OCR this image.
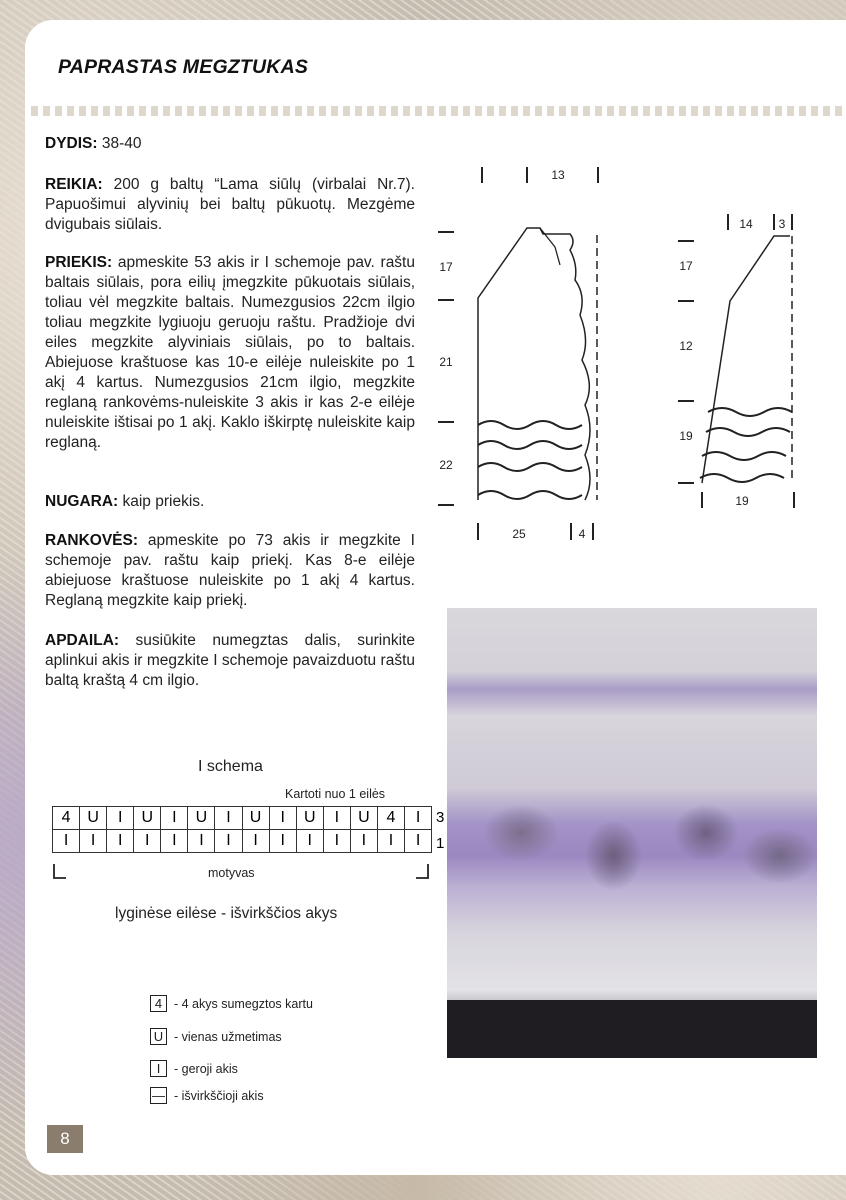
PAPRASTAS MEGZTUKAS
DYDIS: 38-40
REIKIA: 200 g baltų “Lama siūlų (virbalai Nr.7). Papuošimui alyvinių bei baltų pūkuotų. Mezgėme dvigubais siūlais.
PRIEKIS: apmeskite 53 akis ir I schemoje pav. raštu baltais siūlais, pora eilių įmegzkite pūkuotais siūlais, toliau vėl megzkite baltais. Numezgusios 22cm ilgio toliau megzkite lygiuoju geruoju raštu. Pradžioje dvi eiles megzkite alyviniais siūlais, po to baltais. Abiejuose kraštuose kas 10-e eilėje nuleiskite po 1 akį 4 kartus. Numezgusios 21cm ilgio, megzkite reglaną rankovėms-nuleiskite 3 akis ir kas 2-e eilėje nuleiskite ištisai po 1 akį. Kaklo iškirptę nuleiskite kaip reglaną.
NUGARA: kaip priekis.
RANKOVĖS: apmeskite po 73 akis ir megzkite I schemoje pav. raštu kaip priekį. Kas 8-e eilėje abiejuose kraštuose nuleiskite po 1 akį 4 kartus. Reglaną megzkite kaip priekį.
APDAILA: susiūkite numegztas dalis, surinkite aplinkui akis ir megzkite I schemoje pavaizduotu raštu baltą kraštą 4 cm ilgio.
13
17
21
22
25	4
14 3
17
12
19
19
I schema
Kartoti nuo 1 eilės
4	U	I	U	I	U	I	U	I	U	I	U	4	I
I	I	I	I	I	I	I	I	I	I	I	I	I	I
3
1
motyvas
lyginėse eilėse - išvirkščios akys
4 - 4 akys sumegztos kartu
U - vienas užmetimas
I	- geroji akis
— - išvirkščioji akis
8
